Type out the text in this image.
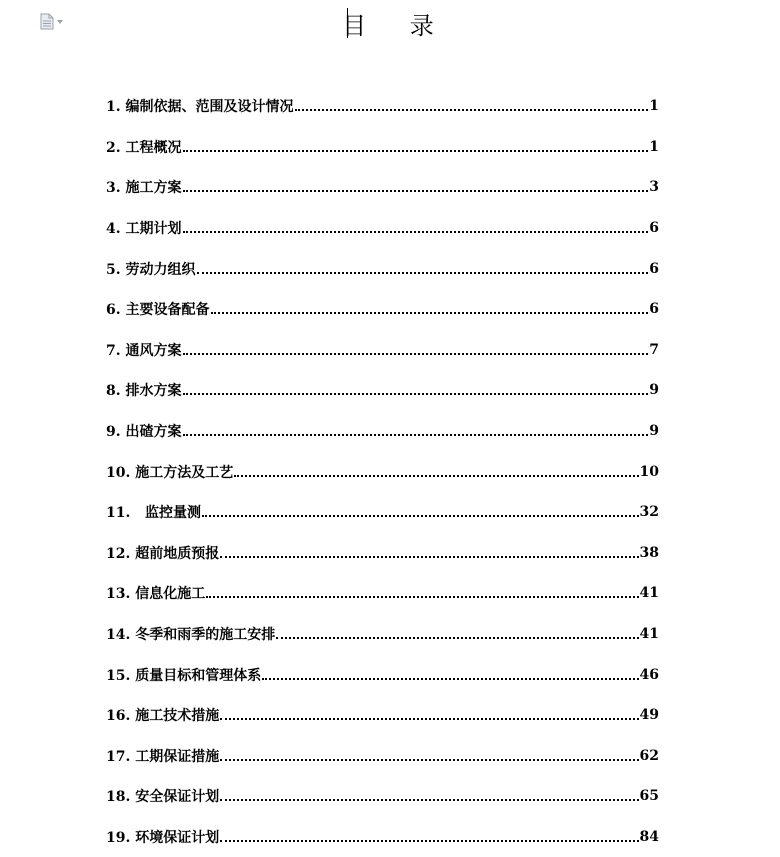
目 录
1. 编制依据、范围及设计情况	1
2. 工程概况	1
3. 施工方案	3
4. 工期计划	6
5. 劳动力组织	6
6. 主要设备配备	6
7. 通风方案	7
8. 排水方案	9
9. 出碴方案	9
10. 施工方法及工艺	10
11.   监控量测	32
12. 超前地质预报	38
13. 信息化施工	41
14. 冬季和雨季的施工安排	41
15. 质量目标和管理体系	46
16. 施工技术措施	49
17. 工期保证措施	62
18. 安全保证计划	65
19. 环境保证计划	84
